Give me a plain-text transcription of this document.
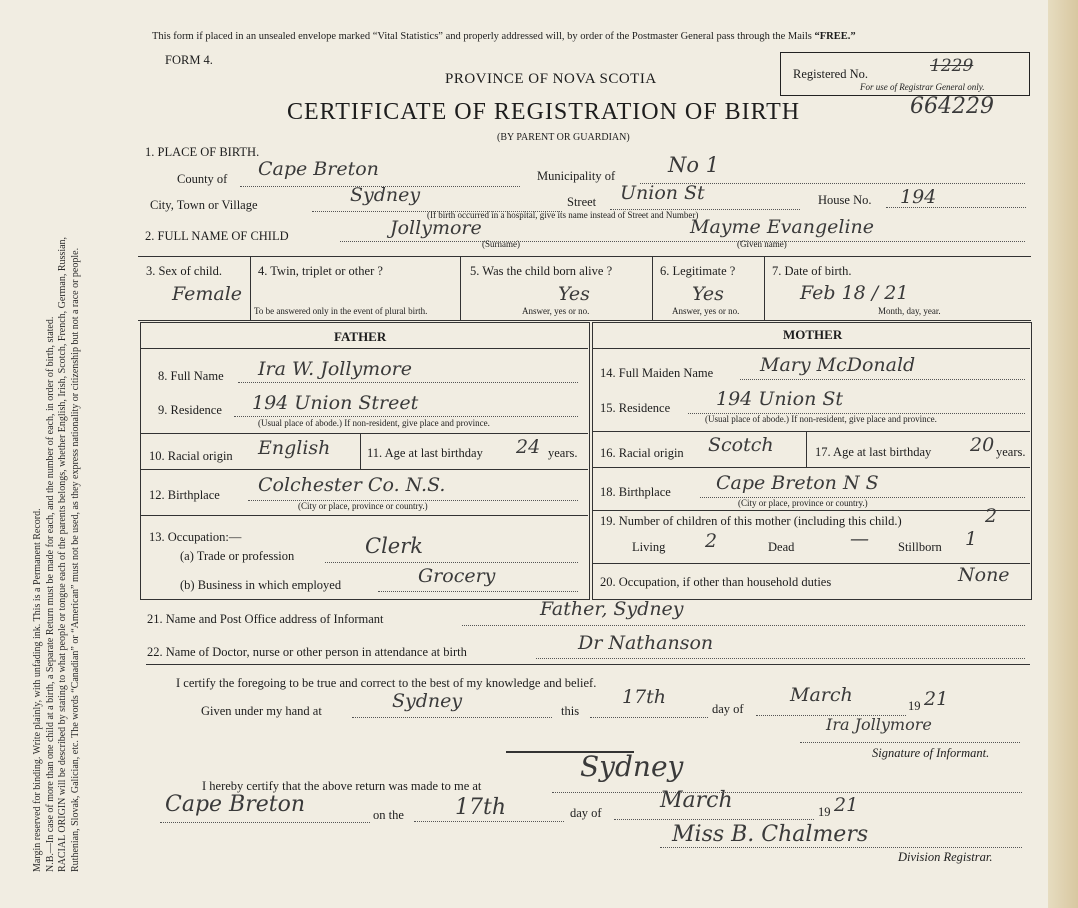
Margin reserved for binding. Write plainly, with unfading ink. This is a Permanent Record. N.B.—In case of more than one child at a birth, a Separate Return must be made for each, and the number of each, in order of birth, stated. RACIAL ORIGIN will be described by stating to what people or tongue each of the parents belongs, whether English, Irish, Scotch, French, German, Russian, Ruthenian, Slovak, Galician, etc. The words “Canadian” or “American” must not be used, as they express nationality or citizenship but not a race or people.
This form if placed in an unsealed envelope marked “Vital Statistics” and properly addressed will, by order of the Postmaster General pass through the Mails “FREE.”
FORM 4.
PROVINCE OF NOVA SCOTIA
CERTIFICATE OF REGISTRATION OF BIRTH
(BY PARENT OR GUARDIAN)
Registered No.	1229
For use of Registrar General only.
664229
1. PLACE OF BIRTH.
County of Cape Breton	Municipality of	No 1
City, Town or Village	Sydney	Street Union St	House No. 194
(If birth occurred in a hospital, give its name instead of Street and Number)
2. FULL NAME OF CHILD	Jollymore
(Surname)
Mayme Evangeline
(Given name)
3. Sex of child.
Female
4. Twin, triplet or other ?
To be answered only in the event of plural birth.
5. Was the child born alive ?
Yes
Answer, yes or no.
6. Legitimate ?
Yes
Answer, yes or no.
7. Date of birth.
Feb 18 / 21
Month, day, year.
FATHER	MOTHER
8. Full Name Ira W. Jollymore
9. Residence 194 Union Street
(Usual place of abode.) If non-resident, give place and province.
10. Racial origin English	11. Age at last birthday 24 years.
12. Birthplace Colchester Co. N.S.
(City or place, province or country.)
13. Occupation:—
(a) Trade or profession	Clerk
(b) Business in which employed	Grocery
14. Full Maiden Name Mary McDonald
15. Residence 194 Union St
(Usual place of abode.) If non-resident, give place and province.
16. Racial origin Scotch	17. Age at last birthday 20 years.
18. Birthplace Cape Breton N S
(City or place, province or country.)
19. Number of children of this mother (including this child.)	2
Living 2	Dead	— Stillborn 1
20. Occupation, if other than household duties	None
21. Name and Post Office address of Informant	Father, Sydney
22. Name of Doctor, nurse or other person in attendance at birth	Dr Nathanson
I certify the foregoing to be true and correct to the best of my knowledge and belief.
Given under my hand at	Sydney	this
17th
day of
March	19 21
Ira Jollymore
Signature of Informant.
I hereby certify that the above return was made to me at
Sydney
Cape Breton	on the 17th	day of	March	19 21
Miss B. Chalmers
Division Registrar.
